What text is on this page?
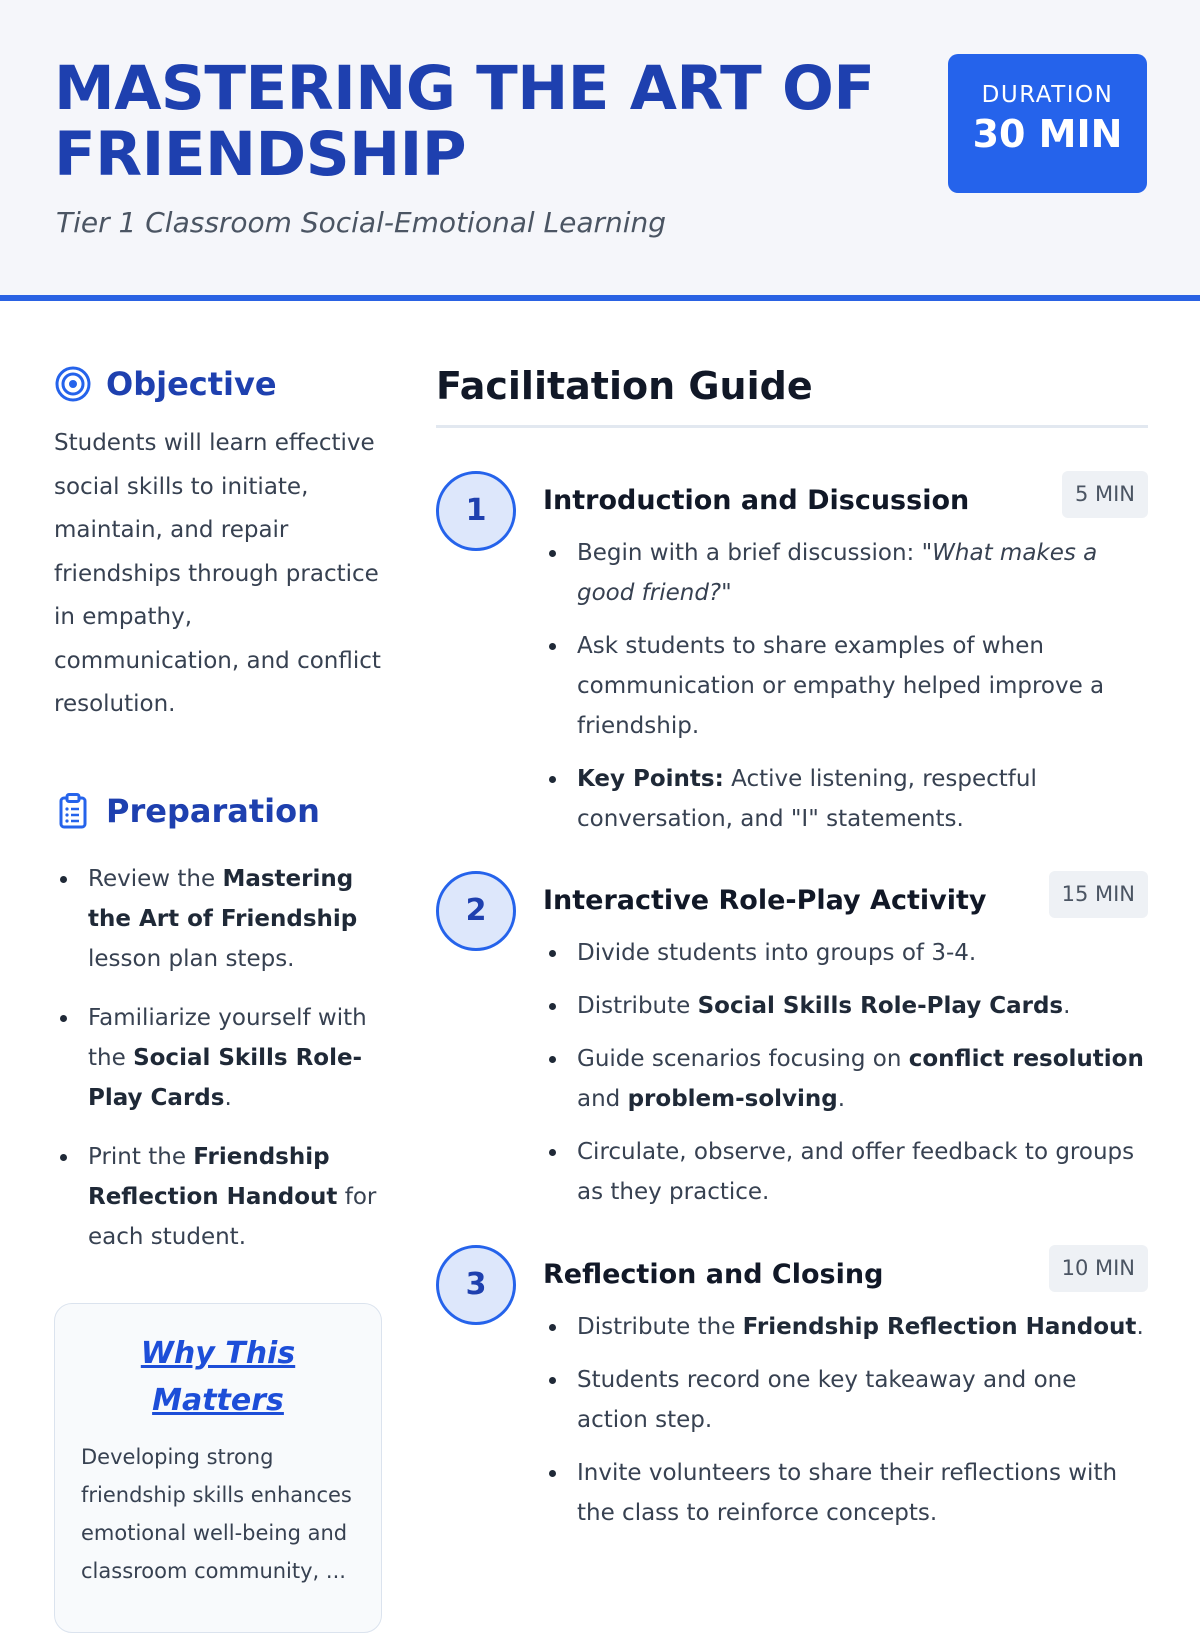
MASTERING THE ART OF FRIENDSHIP
Tier 1 Classroom Social-Emotional Learning
DURATION
30 MIN
Objective

Students will learn effective social skills to initiate, maintain, and repair friendships through practice in empathy, communication, and conflict resolution.

Preparation
Review the Mastering the Art of Friendship lesson plan steps.
Familiarize yourself with the Social Skills Role-Play Cards.
Print the Friendship Reflection Handout for each student.
Why This Matters

Developing strong friendship skills enhances emotional well-being and classroom community, ...

Facilitation Guide
1	Introduction and Discussion	5 MIN
Begin with a brief discussion: "What makes a good friend?"
Ask students to share examples of when communication or empathy helped improve a friendship.
Key Points: Active listening, respectful conversation, and "I" statements.
2	Interactive Role-Play Activity	15 MIN
Divide students into groups of 3-4.
Distribute Social Skills Role-Play Cards.
Guide scenarios focusing on conflict resolution and problem-solving.
Circulate, observe, and offer feedback to groups as they practice.
3	Reflection and Closing	10 MIN
Distribute the Friendship Reflection Handout.
Students record one key takeaway and one action step.
Invite volunteers to share their reflections with the class to reinforce concepts.
